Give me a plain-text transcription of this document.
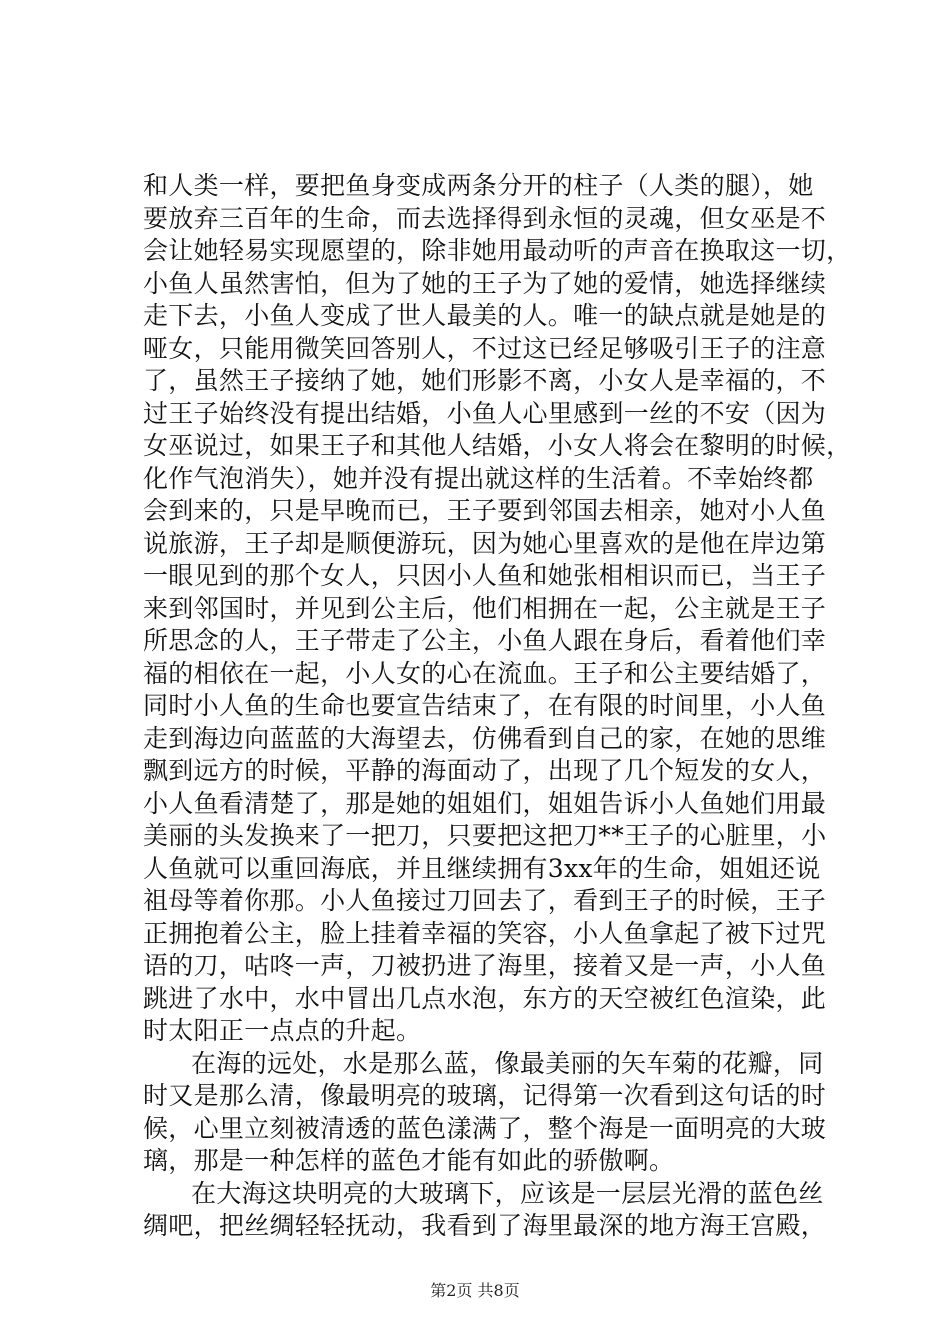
和人类一样，要把鱼身变成两条分开的柱子（人类的腿），她
要放弃三百年的生命，而去选择得到永恒的灵魂，但女巫是不
会让她轻易实现愿望的，除非她用最动听的声音在换取这一切，
小鱼人虽然害怕，但为了她的王子为了她的爱情，她选择继续
走下去，小鱼人变成了世人最美的人。唯一的缺点就是她是的
哑女，只能用微笑回答别人，不过这已经足够吸引王子的注意
了，虽然王子接纳了她，她们形影不离，小女人是幸福的，不
过王子始终没有提出结婚，小鱼人心里感到一丝的不安（因为
女巫说过，如果王子和其他人结婚，小女人将会在黎明的时候，
化作气泡消失），她并没有提出就这样的生活着。不幸始终都
会到来的，只是早晚而已，王子要到邻国去相亲，她对小人鱼
说旅游，王子却是顺便游玩，因为她心里喜欢的是他在岸边第
一眼见到的那个女人，只因小人鱼和她张相相识而已，当王子
来到邻国时，并见到公主后，他们相拥在一起，公主就是王子
所思念的人，王子带走了公主，小鱼人跟在身后，看着他们幸
福的相依在一起，小人女的心在流血。王子和公主要结婚了，
同时小人鱼的生命也要宣告结束了，在有限的时间里，小人鱼
走到海边向蓝蓝的大海望去，仿佛看到自己的家，在她的思维
飘到远方的时候，平静的海面动了，出现了几个短发的女人，
小人鱼看清楚了，那是她的姐姐们，姐姐告诉小人鱼她们用最
美丽的头发换来了一把刀，只要把这把刀**王子的心脏里，小
人鱼就可以重回海底，并且继续拥有3xx年的生命，姐姐还说
祖母等着你那。小人鱼接过刀回去了，看到王子的时候，王子
正拥抱着公主，脸上挂着幸福的笑容，小人鱼拿起了被下过咒
语的刀，咕咚一声，刀被扔进了海里，接着又是一声，小人鱼
跳进了水中，水中冒出几点水泡，东方的天空被红色渲染，此
时太阳正一点点的升起。
在海的远处，水是那么蓝，像最美丽的矢车菊的花瓣，同
时又是那么清，像最明亮的玻璃，记得第一次看到这句话的时
候，心里立刻被清透的蓝色漾满了，整个海是一面明亮的大玻
璃，那是一种怎样的蓝色才能有如此的骄傲啊。
在大海这块明亮的大玻璃下，应该是一层层光滑的蓝色丝
绸吧，把丝绸轻轻抚动，我看到了海里最深的地方海王宫殿，
第2页 共8页
